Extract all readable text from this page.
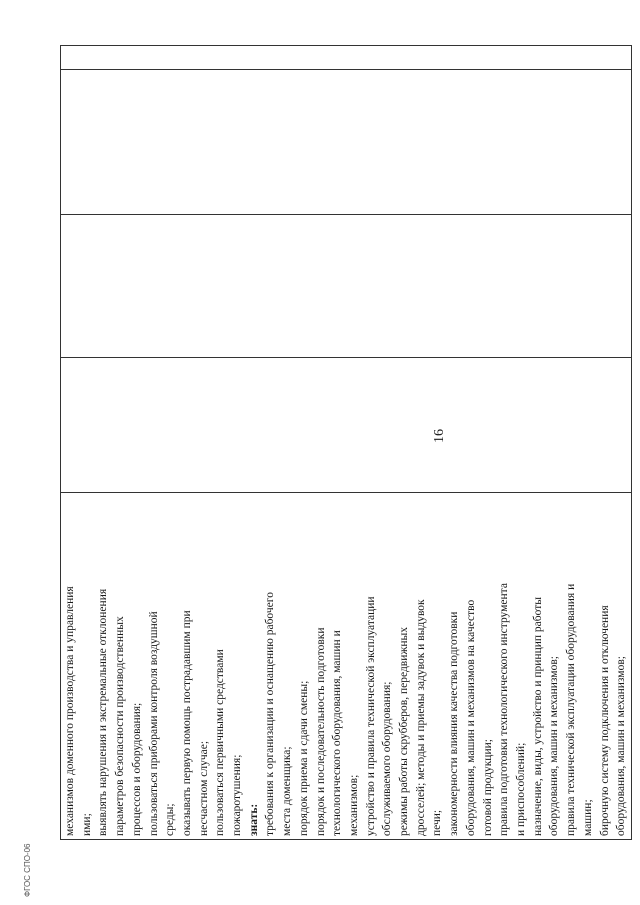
16
ФГОС СПО-06
механизмов доменного производства и управления ими; выявлять нарушения и экстремальные отклонения параметров безопасности производственных процессов и оборудования; пользоваться приборами контроля воздушной среды; оказывать первую помощь пострадавшим при несчастном случае; пользоваться первичными средствами пожаротушения; знать: требования к организации и оснащению рабочего места доменщика; порядок приема и сдачи смены; порядок и последовательность подготовки технологического оборудования, машин и механизмов; устройство и правила технической эксплуатации обслуживаемого оборудования; режимы работы скрубберов, передвижных дросселей; методы и приемы задувок и выдувок печи; закономерности влияния качества подготовки оборудования, машин и механизмов на качество готовой продукции; правила подготовки технологического инструмента и приспособлений; назначение, виды, устройство и принцип работы оборудования, машин и механизмов; правила технической эксплуатации оборудования и машин; бирочную систему подключения и отключения оборудования, машин и механизмов;
